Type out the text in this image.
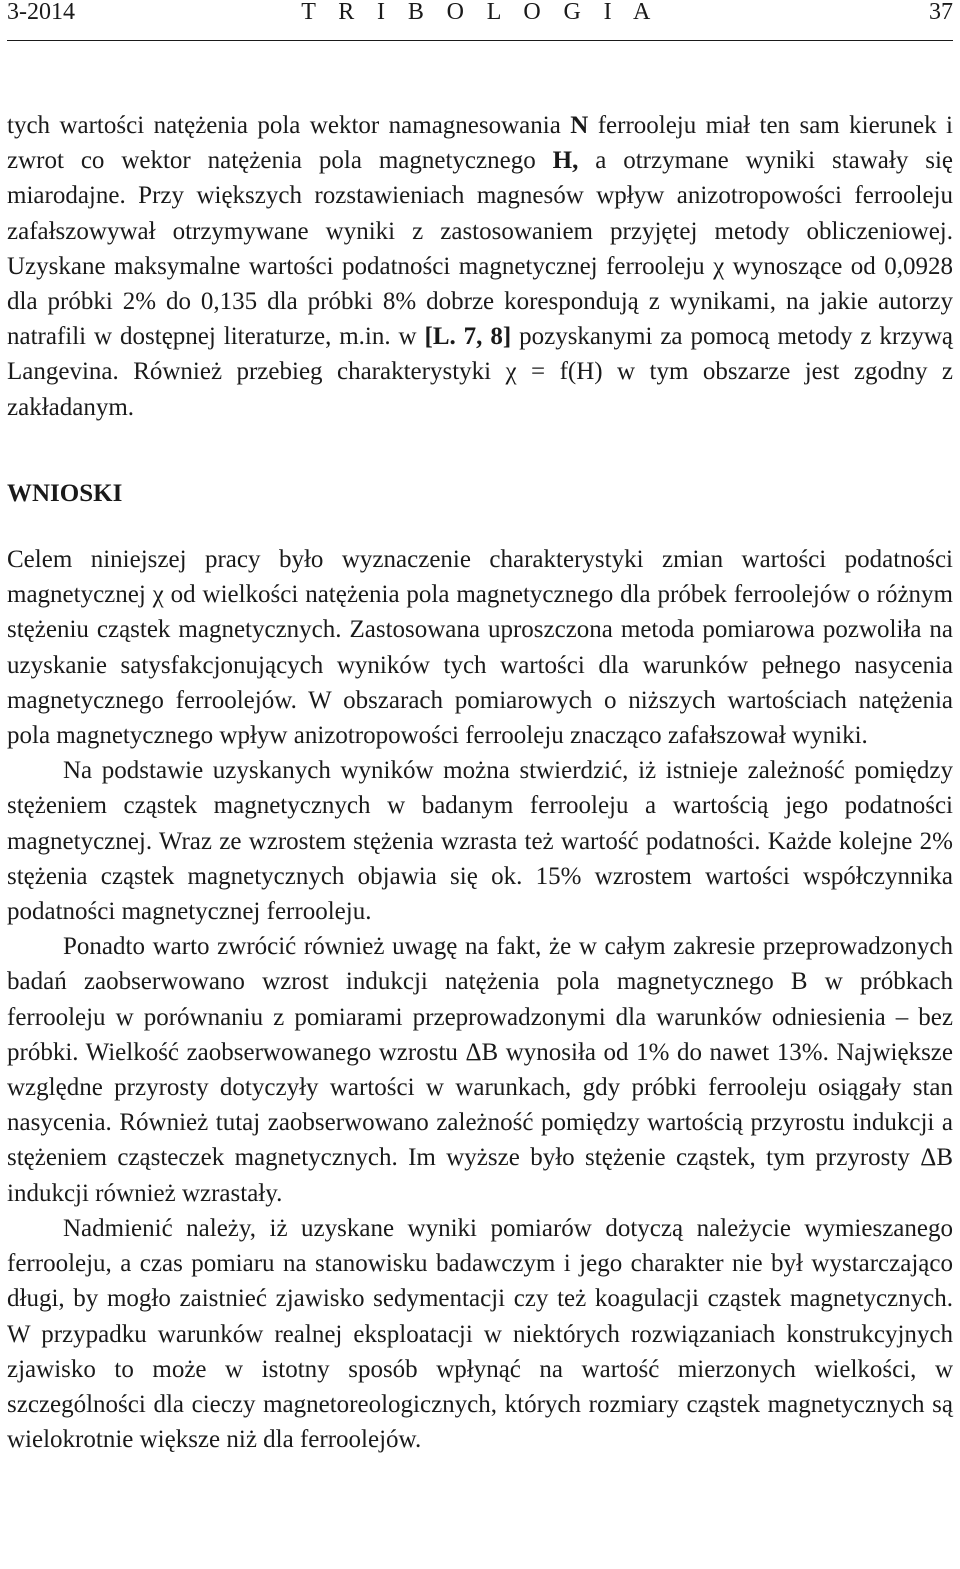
3-2014	T R I B O L O G I A	37

tych wartości natężenia pola wektor namagnesowania N ferrooleju miał ten sam kierunek i zwrot co wektor natężenia pola magnetycznego H, a otrzymane wyniki stawały się miarodajne. Przy większych rozstawieniach magnesów wpływ anizotropowości ferrooleju zafałszowywał otrzymywane wyniki z zastosowaniem przyjętej metody obliczeniowej. Uzyskane maksymalne wartości podatności magnetycznej ferrooleju χ wynoszące od 0,0928 dla próbki 2% do 0,135 dla próbki 8% dobrze korespondują z wynikami, na jakie autorzy natrafili w dostępnej literaturze, m.in. w [L. 7, 8] pozyskanymi za pomocą metody z krzywą Langevina. Również przebieg charakterystyki χ = f(H) w tym obszarze jest zgodny z zakładanym.

WNIOSKI

Celem niniejszej pracy było wyznaczenie charakterystyki zmian wartości podatności magnetycznej χ od wielkości natężenia pola magnetycznego dla próbek ferroolejów o różnym stężeniu cząstek magnetycznych. Zastosowana uproszczona metoda pomiarowa pozwoliła na uzyskanie satysfakcjonujących wyników tych wartości dla warunków pełnego nasycenia magnetycznego ferroolejów. W obszarach pomiarowych o niższych wartościach natężenia pola magnetycznego wpływ anizotropowości ferrooleju znacząco zafałszował wyniki.

Na podstawie uzyskanych wyników można stwierdzić, iż istnieje zależność pomiędzy stężeniem cząstek magnetycznych w badanym ferrooleju a wartością jego podatności magnetycznej. Wraz ze wzrostem stężenia wzrasta też wartość podatności. Każde kolejne 2% stężenia cząstek magnetycznych objawia się ok. 15% wzrostem wartości współczynnika podatności magnetycznej ferrooleju.

Ponadto warto zwrócić również uwagę na fakt, że w całym zakresie przeprowadzonych badań zaobserwowano wzrost indukcji natężenia pola magnetycznego B w próbkach ferrooleju w porównaniu z pomiarami przeprowadzonymi dla warunków odniesienia – bez próbki. Wielkość zaobserwowanego wzrostu ΔB wynosiła od 1% do nawet 13%. Największe względne przyrosty dotyczyły wartości w warunkach, gdy próbki ferrooleju osiągały stan nasycenia. Również tutaj zaobserwowano zależność pomiędzy wartością przyrostu indukcji a stężeniem cząsteczek magnetycznych. Im wyższe było stężenie cząstek, tym przyrosty ΔB indukcji również wzrastały.

Nadmienić należy, iż uzyskane wyniki pomiarów dotyczą należycie wymieszanego ferrooleju, a czas pomiaru na stanowisku badawczym i jego charakter nie był wystarczająco długi, by mogło zaistnieć zjawisko sedymentacji czy też koagulacji cząstek magnetycznych. W przypadku warunków realnej eksploatacji w niektórych rozwiązaniach konstrukcyjnych zjawisko to może w istotny sposób wpłynąć na wartość mierzonych wielkości, w szczególności dla cieczy magnetoreologicznych, których rozmiary cząstek magnetycznych są wielokrotnie większe niż dla ferroolejów.
